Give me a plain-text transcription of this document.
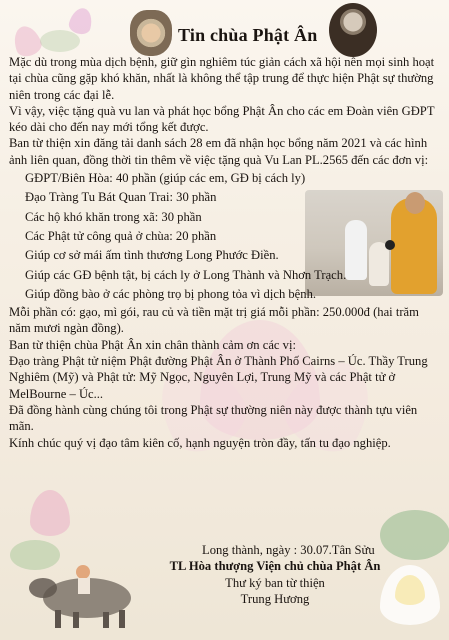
Tin chùa Phật Ân

Mặc dù trong mùa dịch bệnh, giữ gìn nghiêm túc giản cách xã hội nên mọi sinh hoạt tại chùa cũng gặp khó khăn, nhất là không thể tập trung để thực hiện Phật sự thường niên trong các đại lễ.

Vì vậy, việc tặng quà vu lan và phát học bổng Phật Ân cho các em Đoàn viên GĐPT kéo dài cho đến nay mới tổng kết được.

Ban từ thiện xin đăng tải danh sách 28 em đã nhận học bổng năm 2021 và các hình ảnh liên quan, đồng thời tin thêm về việc tặng quà Vu Lan PL.2565 đến các đơn vị:

GĐPT/Biên Hòa: 40 phần (giúp các em, GĐ bị cách ly)

Đạo Tràng Tu Bát Quan Trai: 30 phần

Các hộ khó khăn trong xã: 30 phần

Các Phật tử công quả ở chùa: 20 phần

Giúp cơ sở mái ấm tình thương Long Phước Điền.

Giúp các GĐ bệnh tật, bị cách ly ở Long Thành và Nhơn Trạch.

Giúp đồng bào ở các phòng trọ bị phong tỏa vì dịch bệnh.

Mỗi phần có: gạo, mì gói, rau củ và tiền mặt trị giá mỗi phần: 250.000đ (hai trăm năm mươi ngàn đồng).

Ban từ thiện chùa Phật Ân xin chân thành cảm ơn các vị:

Đạo tràng Phật tử niệm Phật đường Phật Ân ở Thành Phố Cairns – Úc. Thầy Trung Nghiêm (Mỹ) và Phật tử: Mỹ Ngọc, Nguyên Lợi, Trung Mỹ và các Phật tử ở MelBourne – Úc...

Đã đồng hành cùng chúng tôi trong Phật sự thường niên này được thành tựu viên mãn.

Kính chúc quý vị đạo tâm kiên cố, hạnh nguyện tròn đầy, tấn tu đạo nghiệp.

Long thành, ngày : 30.07.Tân Sửu

TL Hòa thượng Viện chủ chùa Phật Ân

Thư ký ban từ thiện

Trung Hương
